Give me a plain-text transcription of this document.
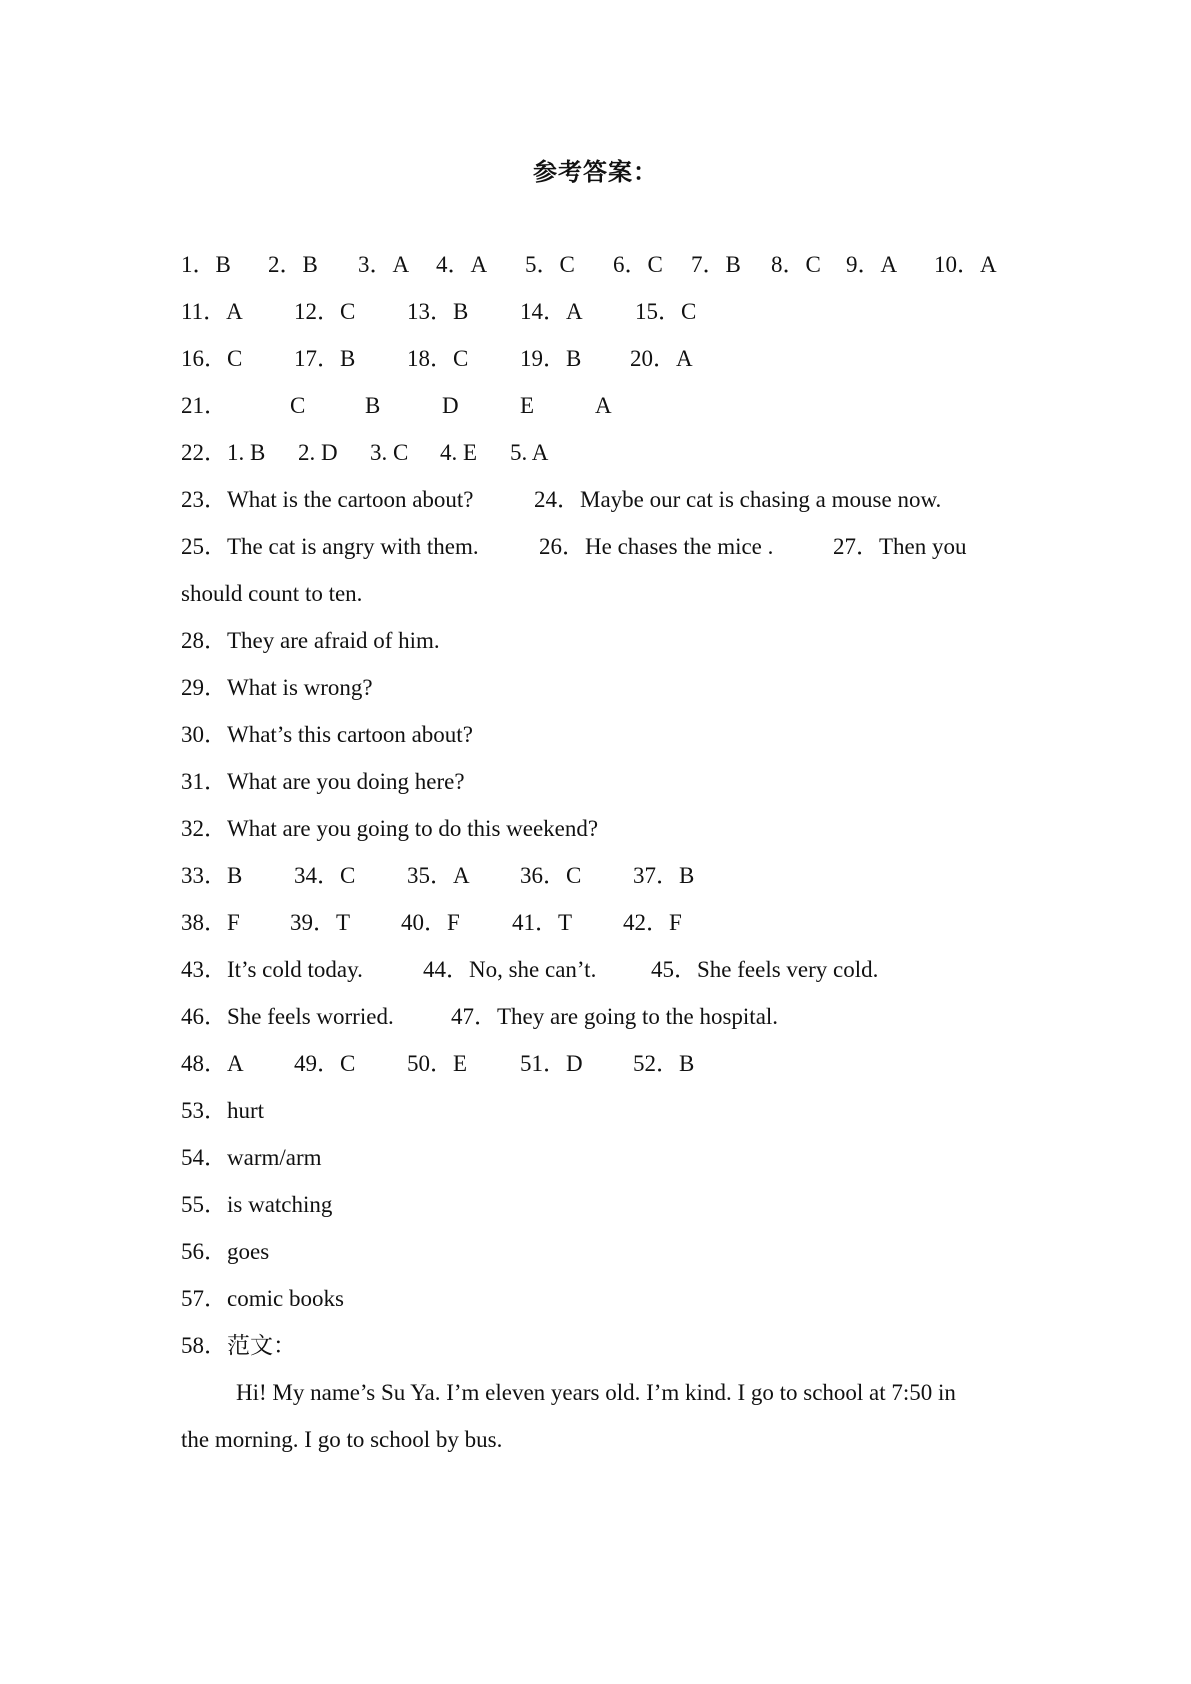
参考答案：
1．B 2．B 3．A 4．A 5．C 6．C 7．B 8．C 9．A 10．A
11．A 12．C 13．B 14．A 15．C
16．C 17．B 18．C 19．B 20．A
21．	C	B	D	E	A
22．1. B 2. D 3. C 4. E 5. A
23．What is the cartoon about?	24．Maybe our cat is chasing a mouse now.
25．The cat is angry with them.	26．He chases the mice .	27．Then you
should count to ten.
28．They are afraid of him.
29．What is wrong?
30．What’s this cartoon about?
31．What are you doing here?
32．What are you going to do this weekend?
33．B 34．C 35．A 36．C 37．B
38．F 39．T 40．F 41．T 42．F
43．It’s cold today.	44．No, she can’t. 45．She feels very cold.
46．She feels worried. 47．They are going to the hospital.
48．A 49．C 50．E 51．D 52．B
53．hurt
54．warm/arm
55．is watching
56．goes
57．comic books
58．范文：
Hi! My name’s Su Ya. I’m eleven years old. I’m kind. I go to school at 7:50 in
the morning. I go to school by bus.
